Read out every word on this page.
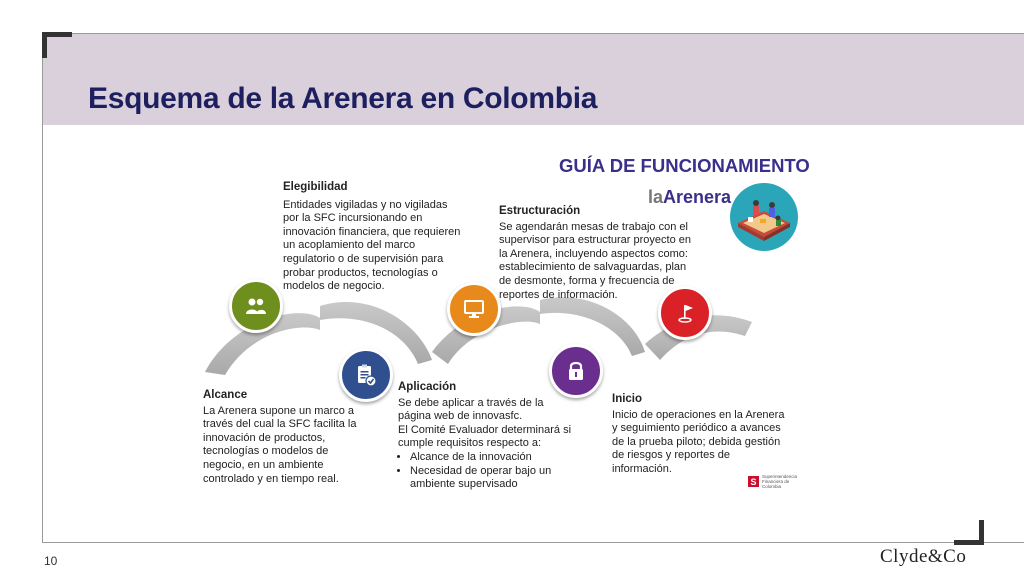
Esquema de la Arenera en Colombia
GUÍA DE FUNCIONAMIENTO
laArenera
Elegibilidad
Entidades vigiladas y no vigiladas
por la SFC incursionando en
innovación financiera, que requieren
un acoplamiento del marco
regulatorio o de supervisión para
probar productos, tecnologías o
modelos de negocio.
Alcance
La Arenera supone un marco a
través del cual la SFC facilita la
innovación de productos,
tecnologías o modelos de
negocio, en un ambiente
controlado y en tiempo real.
Aplicación
Se debe aplicar a través de la
página web de innovasfc.
El Comité Evaluador determinará si
cumple requisitos respecto a:
• Alcance de la innovación
• Necesidad de operar bajo un ambiente supervisado
Estructuración
Se agendarán mesas de trabajo con el
supervisor para estructurar proyecto en
la Arenera, incluyendo aspectos como:
establecimiento de salvaguardas, plan
de desmonte, forma y frecuencia de
reportes de información.
Inicio
Inicio de operaciones en la Arenera
y seguimiento periódico a avances
de la prueba piloto; debida gestión
de riesgos y reportes de
información.
S	Superintendencia Financiera de Colombia
10	Clyde&Co
